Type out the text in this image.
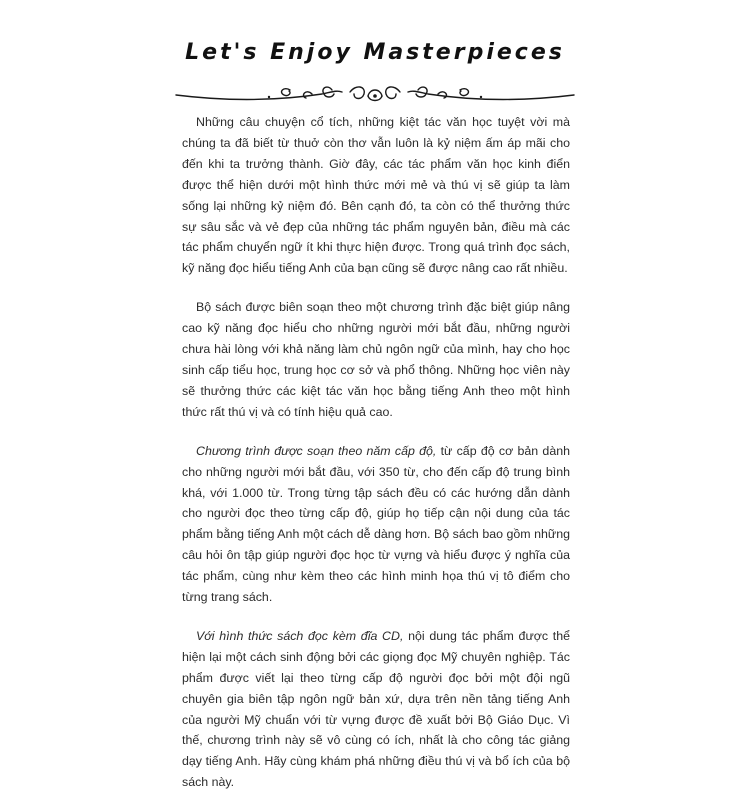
Let's Enjoy Masterpieces

Những câu chuyện cổ tích, những kiệt tác văn học tuyệt vời mà chúng ta đã biết từ thuở còn thơ vẫn luôn là kỷ niệm ấm áp mãi cho đến khi ta trưởng thành. Giờ đây, các tác phẩm văn học kinh điển được thể hiện dưới một hình thức mới mẻ và thú vị sẽ giúp ta làm sống lại những kỷ niệm đó. Bên cạnh đó, ta còn có thể thưởng thức sự sâu sắc và vẻ đẹp của những tác phẩm nguyên bản, điều mà các tác phẩm chuyển ngữ ít khi thực hiện được. Trong quá trình đọc sách, kỹ năng đọc hiểu tiếng Anh của bạn cũng sẽ được nâng cao rất nhiều.

Bộ sách được biên soạn theo một chương trình đặc biệt giúp nâng cao kỹ năng đọc hiểu cho những người mới bắt đầu, những người chưa hài lòng với khả năng làm chủ ngôn ngữ của mình, hay cho học sinh cấp tiểu học, trung học cơ sở và phổ thông. Những học viên này sẽ thưởng thức các kiệt tác văn học bằng tiếng Anh theo một hình thức rất thú vị và có tính hiệu quả cao.

Chương trình được soạn theo năm cấp độ, từ cấp độ cơ bản dành cho những người mới bắt đầu, với 350 từ, cho đến cấp độ trung bình khá, với 1.000 từ. Trong từng tập sách đều có các hướng dẫn dành cho người đọc theo từng cấp độ, giúp họ tiếp cận nội dung của tác phẩm bằng tiếng Anh một cách dễ dàng hơn. Bộ sách bao gồm những câu hỏi ôn tập giúp người đọc học từ vựng và hiểu được ý nghĩa của tác phẩm, cùng như kèm theo các hình minh họa thú vị tô điểm cho từng trang sách.

Với hình thức sách đọc kèm đĩa CD, nội dung tác phẩm được thể hiện lại một cách sinh động bởi các giọng đọc Mỹ chuyên nghiệp. Tác phẩm được viết lại theo từng cấp độ người đọc bởi một đội ngũ chuyên gia biên tập ngôn ngữ bản xứ, dựa trên nền tảng tiếng Anh của người Mỹ chuẩn với từ vựng được đề xuất bởi Bộ Giáo Dục. Vì thế, chương trình này sẽ vô cùng có ích, nhất là cho công tác giảng dạy tiếng Anh. Hãy cùng khám phá những điều thú vị và bổ ích của bộ sách này.
